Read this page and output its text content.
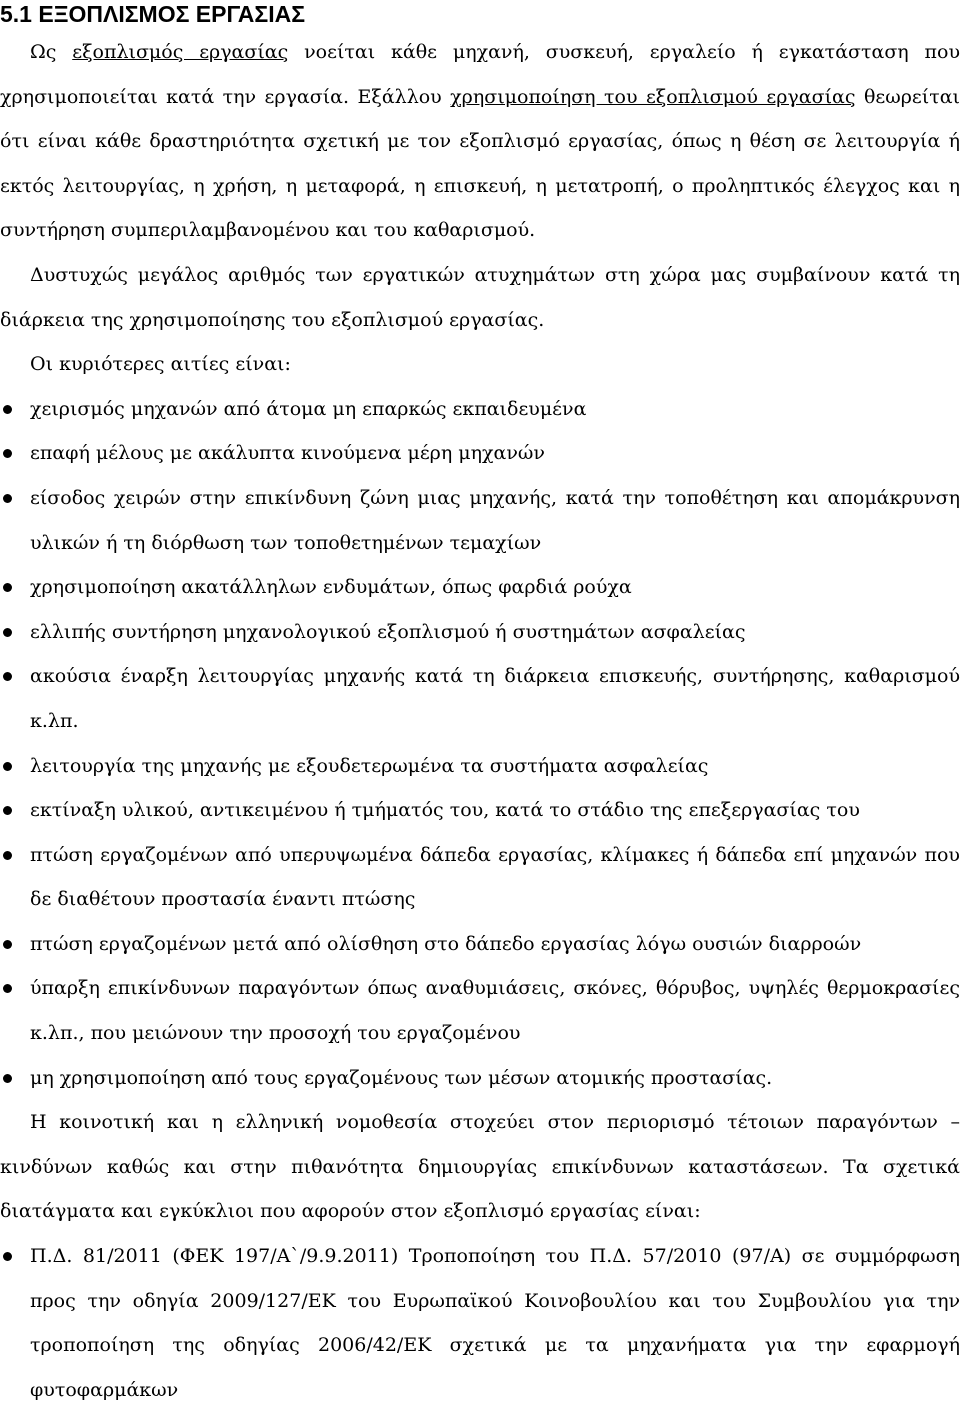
5.1 ΕΞΟΠΛΙΣΜΟΣ ΕΡΓΑΣΙΑΣ

Ως εξοπλισμός εργασίας νοείται κάθε μηχανή, συσκευή, εργαλείο ή εγκατάσταση που χρησιμοποιείται κατά την εργασία. Εξάλλου χρησιμοποίηση του εξοπλισμού εργασίας θεωρείται ότι είναι κάθε δραστηριότητα σχετική με τον εξοπλισμό εργασίας, όπως η θέση σε λειτουργία ή εκτός λειτουργίας, η χρήση, η μεταφορά, η επισκευή, η μετατροπή, ο προληπτικός έλεγχος και η συντήρηση συμπεριλαμβανομένου και του καθαρισμού.

Δυστυχώς μεγάλος αριθμός των εργατικών ατυχημάτων στη χώρα μας συμβαίνουν κατά τη διάρκεια της χρησιμοποίησης του εξοπλισμού εργασίας.

Οι κυριότερες αιτίες είναι:

χειρισμός μηχανών από άτομα μη επαρκώς εκπαιδευμένα
επαφή μέλους με ακάλυπτα κινούμενα μέρη μηχανών
είσοδος χειρών στην επικίνδυνη ζώνη μιας μηχανής, κατά την τοποθέτηση και απομάκρυνση υλικών ή τη διόρθωση των τοποθετημένων τεμαχίων
χρησιμοποίηση ακατάλληλων ενδυμάτων, όπως φαρδιά ρούχα
ελλιπής συντήρηση μηχανολογικού εξοπλισμού ή συστημάτων ασφαλείας
ακούσια έναρξη λειτουργίας μηχανής κατά τη διάρκεια επισκευής, συντήρησης, καθαρισμού κ.λπ.
λειτουργία της μηχανής με εξουδετερωμένα τα συστήματα ασφαλείας
εκτίναξη υλικού, αντικειμένου ή τμήματός του, κατά το στάδιο της επεξεργασίας του
πτώση εργαζομένων από υπερυψωμένα δάπεδα εργασίας, κλίμακες ή δάπεδα επί μηχανών που δε διαθέτουν προστασία έναντι πτώσης
πτώση εργαζομένων μετά από ολίσθηση στο δάπεδο εργασίας λόγω ουσιών διαρροών
ύπαρξη επικίνδυνων παραγόντων όπως αναθυμιάσεις, σκόνες, θόρυβος, υψηλές θερμοκρασίες κ.λπ., που μειώνουν την προσοχή του εργαζομένου
μη χρησιμοποίηση από τους εργαζομένους των μέσων ατομικής προστασίας.

Η κοινοτική και η ελληνική νομοθεσία στοχεύει στον περιορισμό τέτοιων παραγόντων – κινδύνων καθώς και στην πιθανότητα δημιουργίας επικίνδυνων καταστάσεων. Τα σχετικά διατάγματα και εγκύκλιοι που αφορούν στον εξοπλισμό εργασίας είναι:

Π.Δ. 81/2011 (ΦΕΚ 197/Α`/9.9.2011) Τροποποίηση του Π.Δ. 57/2010 (97/Α) σε συμμόρφωση προς την οδηγία 2009/127/ΕΚ του Ευρωπαϊκού Κοινοβουλίου και του Συμβουλίου για την τροποποίηση της οδηγίας 2006/42/ΕΚ σχετικά με τα μηχανήματα για την εφαρμογή φυτοφαρμάκων
